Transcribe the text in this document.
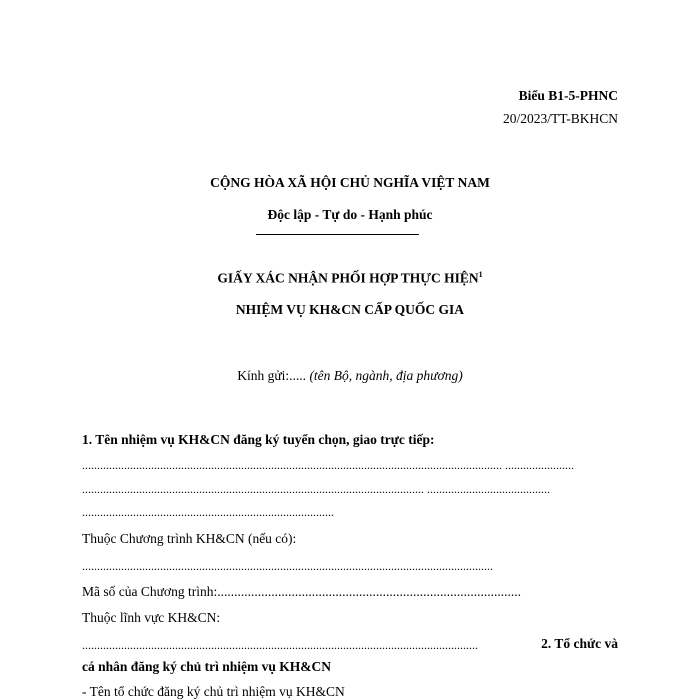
Biểu B1-5-PHNC
20/2023/TT-BKHCN
CỘNG HÒA XÃ HỘI CHỦ NGHĨA VIỆT NAM
Độc lập - Tự do - Hạnh phúc
GIẤY XÁC NHẬN PHỐI HỢP THỰC HIỆN$^1$
NHIỆM VỤ KH&CN CẤP QUỐC GIA
Kính gửi:..... (tên Bộ, ngành, địa phương)
1. Tên nhiệm vụ KH&CN đăng ký tuyển chọn, giao trực tiếp:
............................................................................................................................................ .......................
.................................................................................................................. .........................................
....................................................................................
Thuộc Chương trình KH&CN (nếu có):
.........................................................................................................................................
Mã số của Chương trình:..........................................................................................
Thuộc lĩnh vực KH&CN:
....................................................................................................................................	2. Tổ chức và
cá nhân đăng ký chủ trì nhiệm vụ KH&CN
- Tên tổ chức đăng ký chủ trì nhiệm vụ KH&CN
